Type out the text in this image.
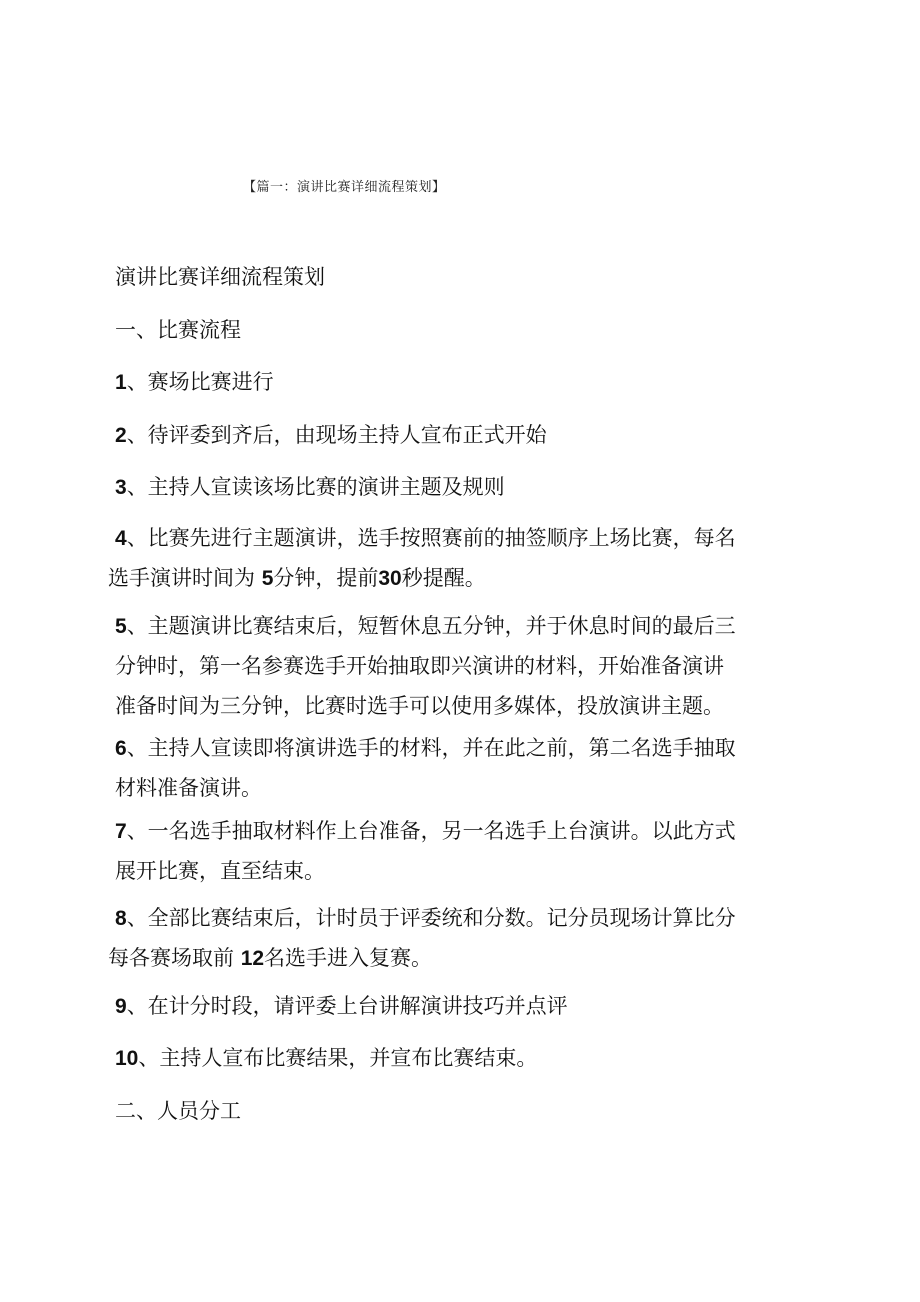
【篇一：演讲比赛详细流程策划】
演讲比赛详细流程策划
一、比赛流程
1、赛场比赛进行
2、待评委到齐后，由现场主持人宣布正式开始
3、主持人宣读该场比赛的演讲主题及规则
4、比赛先进行主题演讲，选手按照赛前的抽签顺序上场比赛，每名
选手演讲时间为 5分钟，提前30秒提醒。
5、主题演讲比赛结束后，短暂休息五分钟，并于休息时间的最后三
分钟时，第一名参赛选手开始抽取即兴演讲的材料，开始准备演讲
准备时间为三分钟，比赛时选手可以使用多媒体，投放演讲主题。
6、主持人宣读即将演讲选手的材料，并在此之前，第二名选手抽取
材料准备演讲。
7、一名选手抽取材料作上台准备，另一名选手上台演讲。以此方式
展开比赛，直至结束。
8、全部比赛结束后，计时员于评委统和分数。记分员现场计算比分
每各赛场取前 12名选手进入复赛。
9、在计分时段，请评委上台讲解演讲技巧并点评
10、主持人宣布比赛结果，并宣布比赛结束。
二、人员分工
